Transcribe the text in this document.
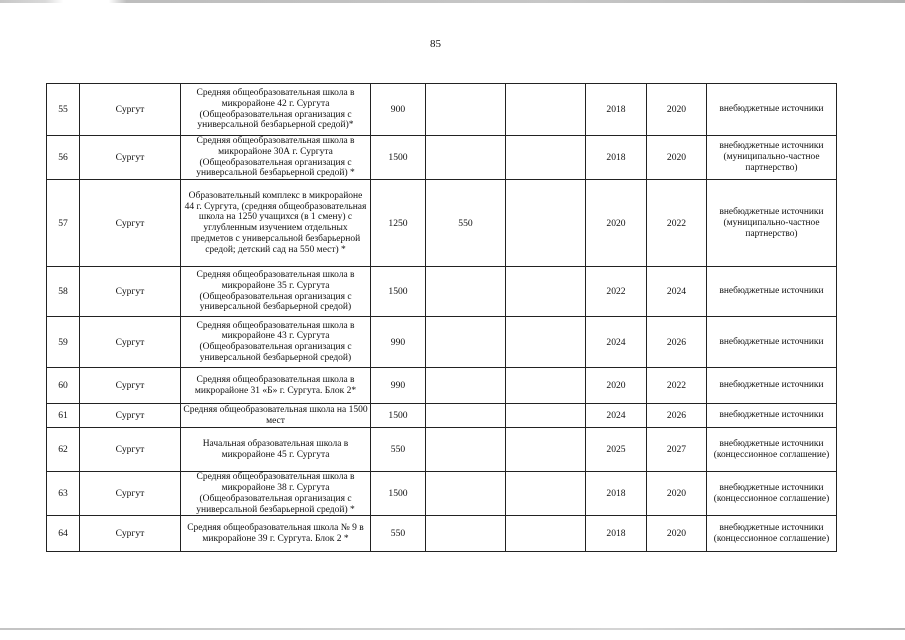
85
55	Сургут	Средняя общеобразовательная школа в микрорайоне 42 г. Сургута (Общеобразовательная организация с универсальной безбарьерной средой)*	900			2018	2020	внебюджетные источники
56	Сургут	Средняя общеобразовательная школа в микрорайоне 30А г. Сургута (Общеобразовательная организация с универсальной безбарьерной средой) *	1500			2018	2020	внебюджетные источники (муниципально-частное партнерство)
57	Сургут	Образовательный комплекс в микрорайоне 44 г. Сургута, (средняя общеобразовательная школа на 1250 учащихся (в 1 смену) с углубленным изучением отдельных предметов с универсальной безбарьерной средой; детский сад на 550 мест) *	1250	550		2020	2022	внебюджетные источники (муниципально-частное партнерство)
58	Сургут	Средняя общеобразовательная школа в микрорайоне 35 г. Сургута (Общеобразовательная организация с универсальной безбарьерной средой)	1500			2022	2024	внебюджетные источники
59	Сургут	Средняя общеобразовательная школа в микрорайоне 43 г. Сургута (Общеобразовательная организация с универсальной безбарьерной средой)	990			2024	2026	внебюджетные источники
60	Сургут	Средняя общеобразовательная школа в микрорайоне 31 «Б» г. Сургута. Блок 2*	990			2020	2022	внебюджетные источники
61	Сургут	Средняя общеобразовательная школа на 1500 мест	1500			2024	2026	внебюджетные источники
62	Сургут	Начальная образовательная школа в микрорайоне 45 г. Сургута	550			2025	2027	внебюджетные источники (концессионное соглашение)
63	Сургут	Средняя общеобразовательная школа в микрорайоне 38 г. Сургута (Общеобразовательная организация с универсальной безбарьерной средой) *	1500			2018	2020	внебюджетные источники (концессионное соглашение)
64	Сургут	Средняя общеобразовательная школа № 9 в микрорайоне 39 г. Сургута. Блок 2 *	550			2018	2020	внебюджетные источники (концессионное соглашение)
